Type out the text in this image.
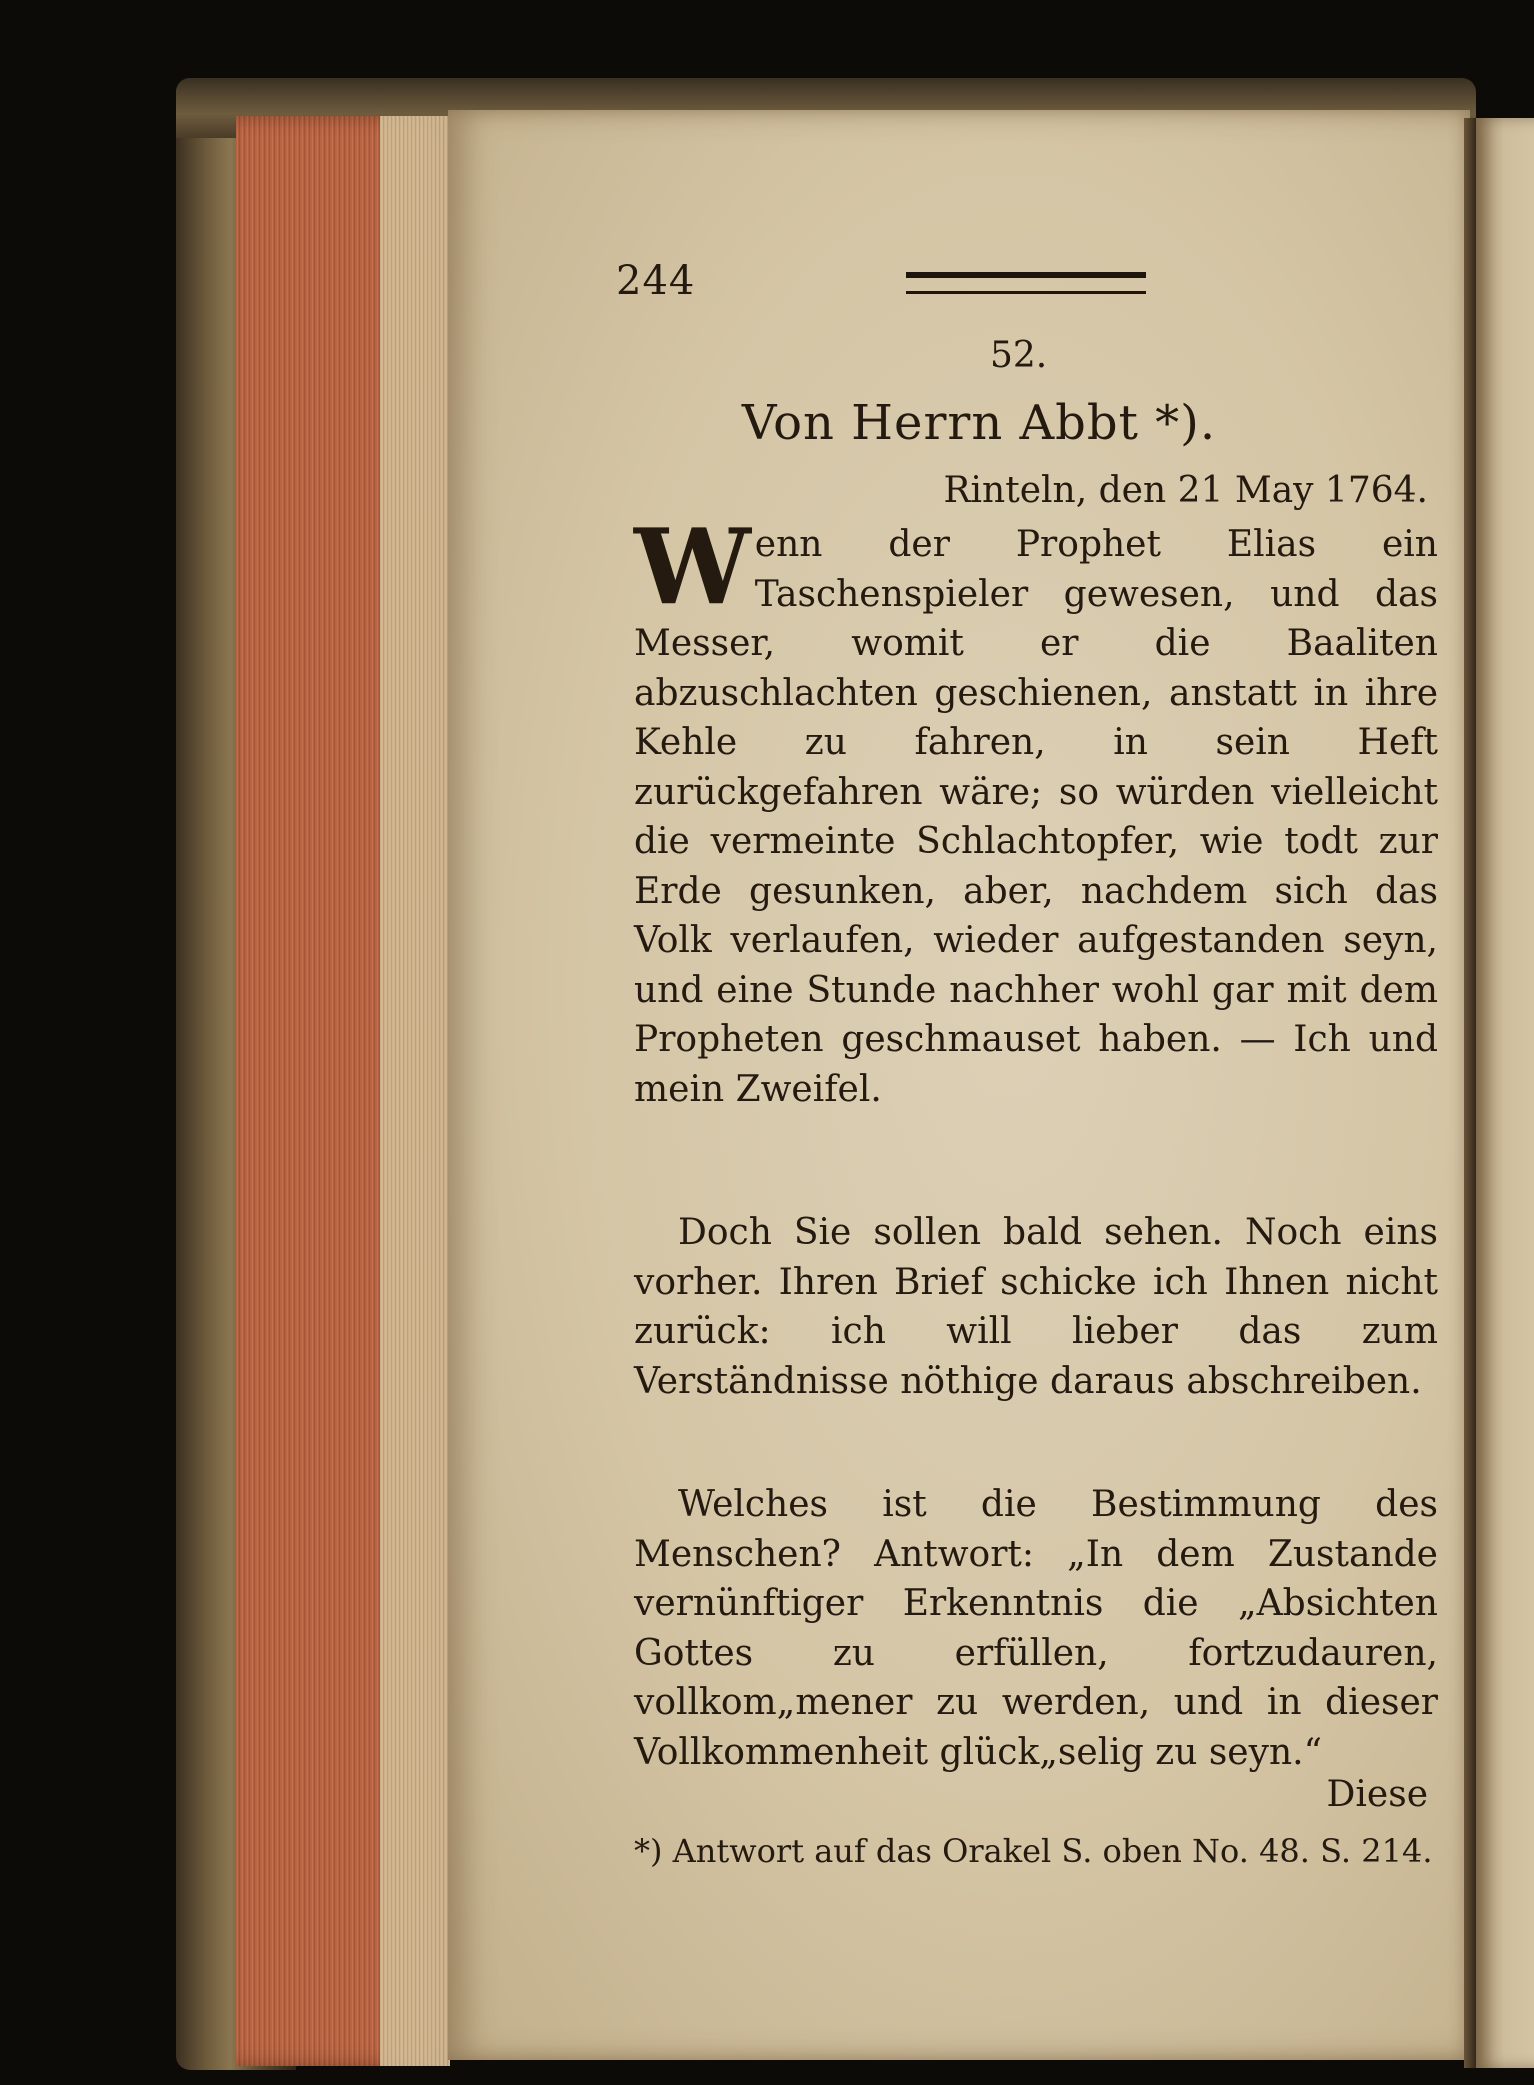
244
52.
Von Herrn Abbt *).
Rinteln, den 21 May 1764.
Wenn der Prophet Elias ein Taschenspieler gewesen, und das Messer, womit er die Baaliten abzuschlachten geschienen, anstatt in ihre Kehle zu fahren, in sein Heft zurückgefahren wäre; so würden vielleicht die vermeinte Schlachtopfer, wie todt zur Erde gesunken, aber, nachdem sich das Volk verlaufen, wieder aufgestanden seyn, und eine Stunde nachher wohl gar mit dem Propheten geschmauset haben. — Ich und mein Zweifel.
Doch Sie sollen bald sehen. Noch eins vorher. Ihren Brief schicke ich Ihnen nicht zurück: ich will lieber das zum Verständnisse nöthige daraus abschreiben.
Welches ist die Bestimmung des Menschen? Antwort: „In dem Zustande vernünftiger Erkenntnis die „Absichten Gottes zu erfüllen, fortzudauren, vollkom„mener zu werden, und in dieser Vollkommenheit glück„selig zu seyn.“
Diese
*) Antwort auf das Orakel S. oben No. 48. S. 214.
